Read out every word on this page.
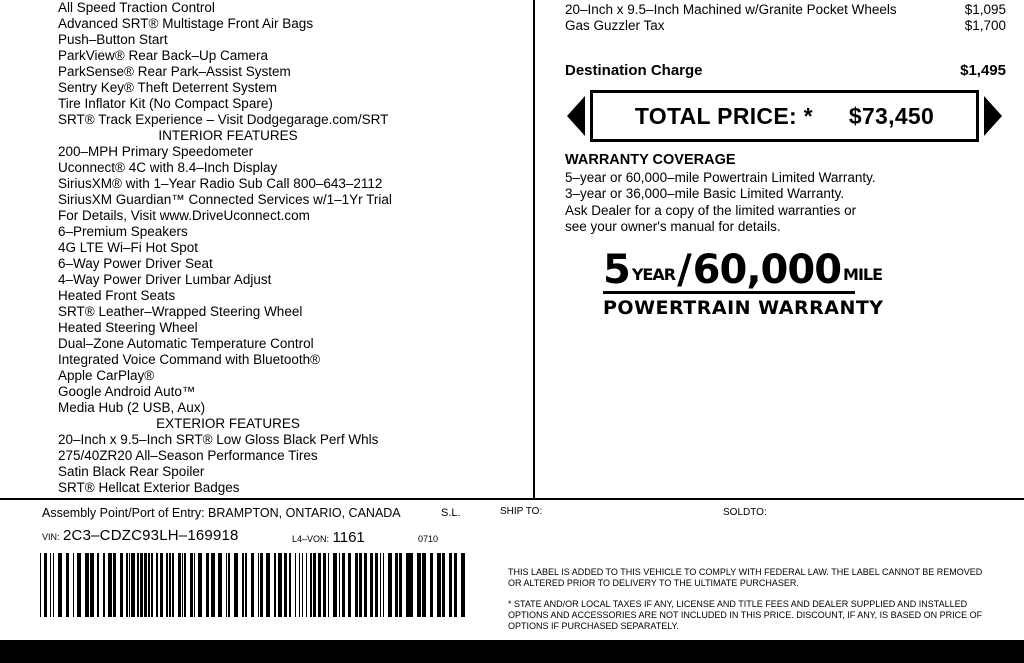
All Speed Traction Control
Advanced SRT® Multistage Front Air Bags
Push–Button Start
ParkView® Rear Back–Up Camera
ParkSense® Rear Park–Assist System
Sentry Key® Theft Deterrent System
Tire Inflator Kit (No Compact Spare)
SRT® Track Experience – Visit Dodgegarage.com/SRT
INTERIOR FEATURES
200–MPH Primary Speedometer
Uconnect® 4C with 8.4–Inch Display
SiriusXM® with 1–Year Radio Sub Call 800–643–2112
SiriusXM Guardian™ Connected Services w/1–1Yr Trial
For Details, Visit www.DriveUconnect.com
6–Premium Speakers
4G LTE Wi–Fi Hot Spot
6–Way Power Driver Seat
4–Way Power Driver Lumbar Adjust
Heated Front Seats
SRT® Leather–Wrapped Steering Wheel
Heated Steering Wheel
Dual–Zone Automatic Temperature Control
Integrated Voice Command with Bluetooth®
Apple CarPlay®
Google Android Auto™
Media Hub (2 USB, Aux)
EXTERIOR FEATURES
20–Inch x 9.5–Inch SRT® Low Gloss Black Perf Whls
275/40ZR20 All–Season Performance Tires
Satin Black Rear Spoiler
SRT® Hellcat Exterior Badges
20–Inch x 9.5–Inch Machined w/Granite Pocket Wheels	$1,095
Gas Guzzler Tax	$1,700
Destination Charge	$1,495
TOTAL PRICE: * $73,450
WARRANTY COVERAGE
5–year or 60,000–mile Powertrain Limited Warranty.
3–year or 36,000–mile Basic Limited Warranty.
Ask Dealer for a copy of the limited warranties or
see your owner's manual for details.
5 YEAR / 60,000 MILE
POWERTRAIN WARRANTY
Assembly Point/Port of Entry: BRAMPTON, ONTARIO, CANADA
VIN: 2C3–CDZC93LH–169918	L4–VON: 1161	0710
S.L.	SHIP TO:	SOLDTO:

THIS LABEL IS ADDED TO THIS VEHICLE TO COMPLY WITH FEDERAL LAW. THE LABEL CANNOT BE REMOVED OR ALTERED PRIOR TO DELIVERY TO THE ULTIMATE PURCHASER.

* STATE AND/OR LOCAL TAXES IF ANY, LICENSE AND TITLE FEES AND DEALER SUPPLIED AND INSTALLED OPTIONS AND ACCESSORIES ARE NOT INCLUDED IN THIS PRICE. DISCOUNT, IF ANY, IS BASED ON PRICE OF OPTIONS IF PURCHASED SEPARATELY.
